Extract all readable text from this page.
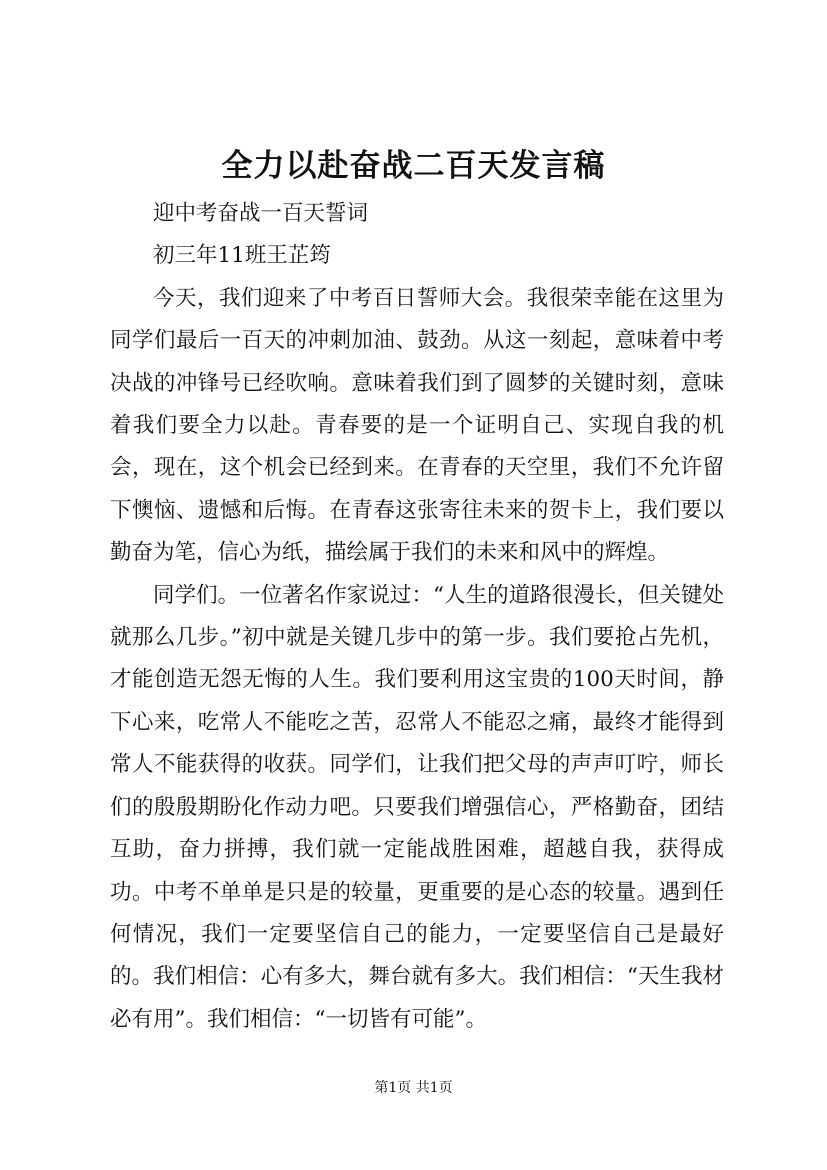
全力以赴奋战二百天发言稿

迎中考奋战一百天誓词

初三年11班王芷筠

今天，我们迎来了中考百日誓师大会。我很荣幸能在这里为同学们最后一百天的冲刺加油、鼓劲。从这一刻起，意味着中考决战的冲锋号已经吹响。意味着我们到了圆梦的关键时刻，意味着我们要全力以赴。青春要的是一个证明自己、实现自我的机会，现在，这个机会已经到来。在青春的天空里，我们不允许留下懊恼、遗憾和后悔。在青春这张寄往未来的贺卡上，我们要以勤奋为笔，信心为纸，描绘属于我们的未来和风中的辉煌。

同学们。一位著名作家说过：“人生的道路很漫长，但关键处就那么几步。”初中就是关键几步中的第一步。我们要抢占先机，才能创造无怨无悔的人生。我们要利用这宝贵的100天时间，静下心来，吃常人不能吃之苦，忍常人不能忍之痛，最终才能得到常人不能获得的收获。同学们，让我们把父母的声声叮咛，师长们的殷殷期盼化作动力吧。只要我们增强信心，严格勤奋，团结互助，奋力拼搏，我们就一定能战胜困难，超越自我，获得成功。中考不单单是只是的较量，更重要的是心态的较量。遇到任何情况，我们一定要坚信自己的能力，一定要坚信自己是最好的。我们相信：心有多大，舞台就有多大。我们相信：“天生我材必有用”。我们相信：“一切皆有可能”。

第1页 共1页
